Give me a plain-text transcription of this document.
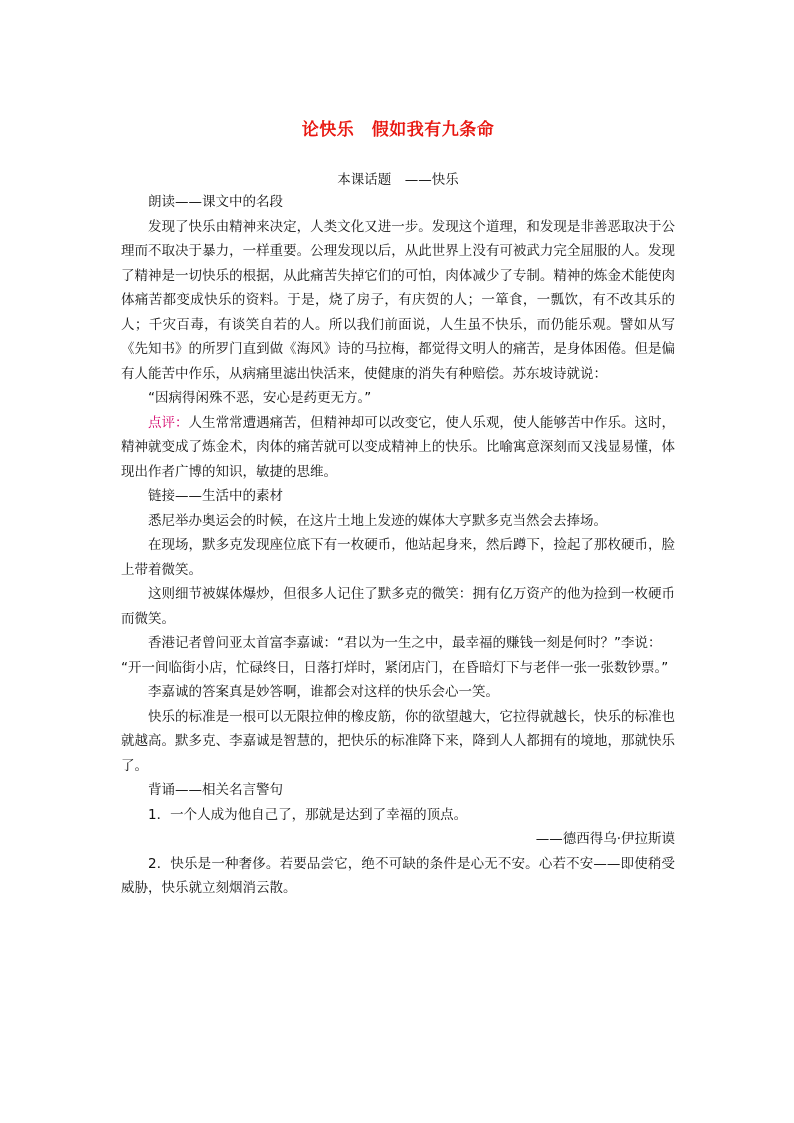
论快乐　假如我有九条命
本课话题　——快乐

朗读——课文中的名段

发现了快乐由精神来决定，人类文化又进一步。发现这个道理，和发现是非善恶取决于公理而不取决于暴力，一样重要。公理发现以后，从此世界上没有可被武力完全屈服的人。发现了精神是一切快乐的根据，从此痛苦失掉它们的可怕，肉体减少了专制。精神的炼金术能使肉体痛苦都变成快乐的资料。于是，烧了房子，有庆贺的人；一箪食，一瓢饮，有不改其乐的人；千灾百毒，有谈笑自若的人。所以我们前面说，人生虽不快乐，而仍能乐观。譬如从写《先知书》的所罗门直到做《海风》诗的马拉梅，都觉得文明人的痛苦，是身体困倦。但是偏有人能苦中作乐，从病痛里滤出快活来，使健康的消失有种赔偿。苏东坡诗就说：

“因病得闲殊不恶，安心是药更无方。”

点评：人生常常遭遇痛苦，但精神却可以改变它，使人乐观，使人能够苦中作乐。这时，精神就变成了炼金术，肉体的痛苦就可以变成精神上的快乐。比喻寓意深刻而又浅显易懂，体现出作者广博的知识，敏捷的思维。

链接——生活中的素材

悉尼举办奥运会的时候，在这片土地上发迹的媒体大亨默多克当然会去捧场。

在现场，默多克发现座位底下有一枚硬币，他站起身来，然后蹲下，捡起了那枚硬币，脸上带着微笑。

这则细节被媒体爆炒，但很多人记住了默多克的微笑：拥有亿万资产的他为捡到一枚硬币而微笑。

香港记者曾问亚太首富李嘉诚：“君以为一生之中，最幸福的赚钱一刻是何时？”李说：

“开一间临街小店，忙碌终日，日落打烊时，紧闭店门，在昏暗灯下与老伴一张一张数钞票。”

李嘉诚的答案真是妙答啊，谁都会对这样的快乐会心一笑。

快乐的标准是一根可以无限拉伸的橡皮筋，你的欲望越大，它拉得就越长，快乐的标准也就越高。默多克、李嘉诚是智慧的，把快乐的标准降下来，降到人人都拥有的境地，那就快乐了。

背诵——相关名言警句

1．一个人成为他自己了，那就是达到了幸福的顶点。

——德西得乌·伊拉斯谟

2．快乐是一种奢侈。若要品尝它，绝不可缺的条件是心无不安。心若不安——即使稍受威胁，快乐就立刻烟消云散。
